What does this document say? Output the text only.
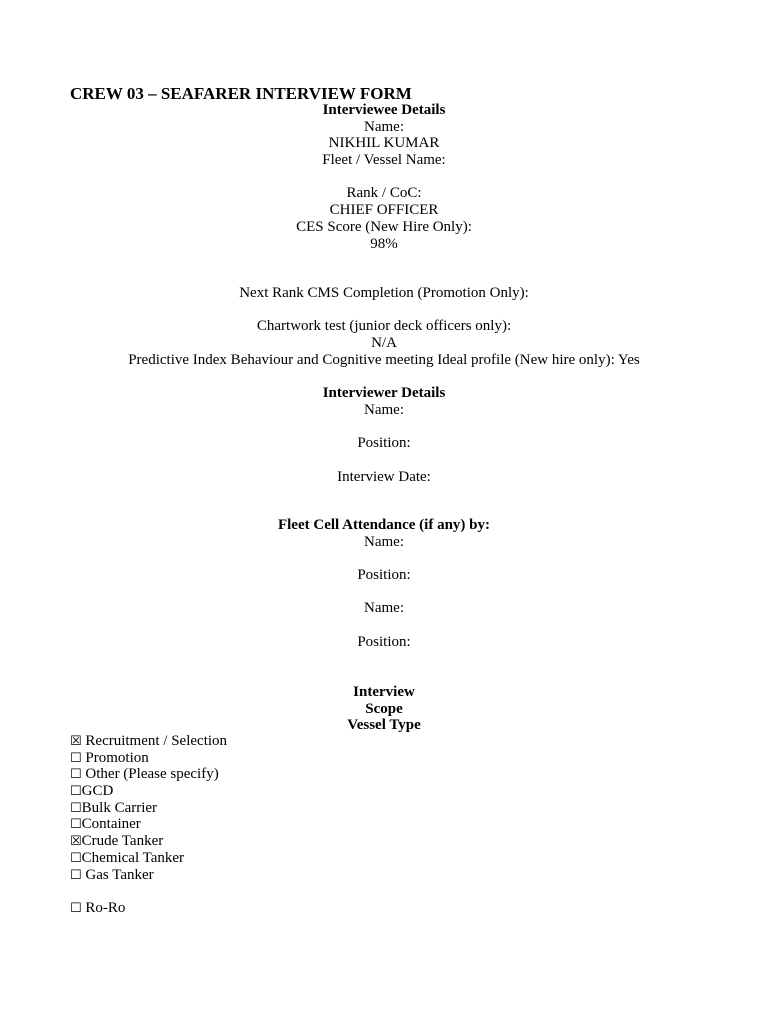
CREW 03 – SEAFARER INTERVIEW FORM
Interviewee Details
Name:
NIKHIL KUMAR
Fleet / Vessel Name:
Rank / CoC:
CHIEF OFFICER
CES Score (New Hire Only):
98%
Next Rank CMS Completion (Promotion Only):
Chartwork test (junior deck officers only):
N/A
Predictive Index Behaviour and Cognitive meeting Ideal profile (New hire only): Yes
Interviewer Details
Name:
Position:
Interview Date:
Fleet Cell Attendance (if any) by:
Name:
Position:
Name:
Position:
Interview
Scope
Vessel Type
☒ Recruitment / Selection
☐ Promotion
☐ Other (Please specify)
☐GCD
☐Bulk Carrier
☐Container
☒Crude Tanker
☐Chemical Tanker
☐ Gas Tanker
☐ Ro-Ro
